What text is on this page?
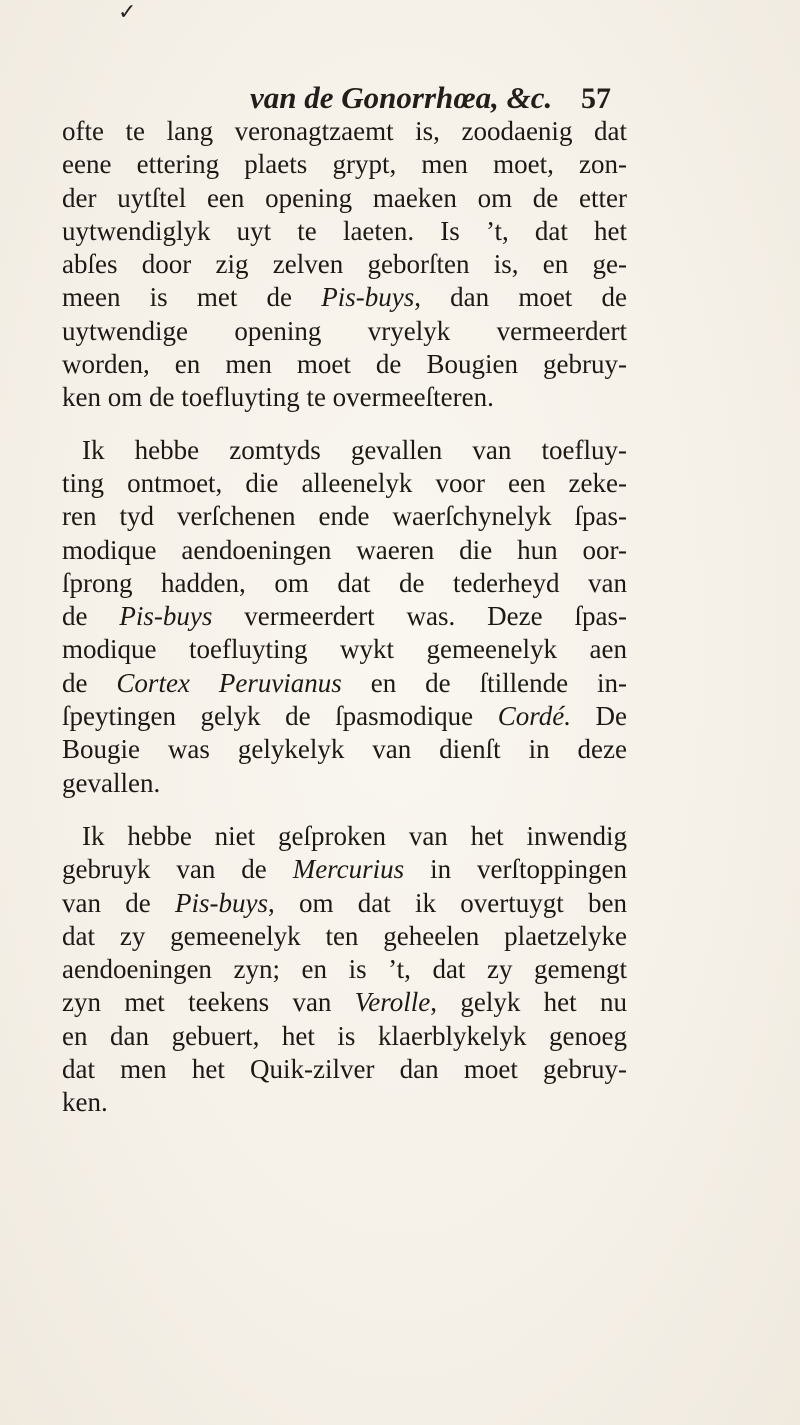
✓
van de Gonorrhœa, &c. 57
ofte te lang veronagtzaemt is, zoodaenig dat
eene ettering plaets grypt, men moet, zon-
der uytſtel een opening maeken om de etter
uytwendiglyk uyt te laeten. Is ’t, dat het
abſes door zig zelven geborſten is, en ge-
meen is met de Pis-buys, dan moet de
uytwendige opening vryelyk vermeerdert
worden, en men moet de Bougien gebruy-
ken om de toefluyting te overmeeſteren.
Ik hebbe zomtyds gevallen van toefluy-
ting ontmoet, die alleenelyk voor een zeke-
ren tyd verſchenen ende waerſchynelyk ſpas-
modique aendoeningen waeren die hun oor-
ſprong hadden, om dat de tederheyd van
de Pis-buys vermeerdert was. Deze ſpas-
modique toefluyting wykt gemeenelyk aen
de Cortex Peruvianus en de ſtillende in-
ſpeytingen gelyk de ſpasmodique Cordé. De
Bougie was gelykelyk van dienſt in deze
gevallen.
Ik hebbe niet geſproken van het inwendig
gebruyk van de Mercurius in verſtoppingen
van de Pis-buys, om dat ik overtuygt ben
dat zy gemeenelyk ten geheelen plaetzelyke
aendoeningen zyn; en is ’t, dat zy gemengt
zyn met teekens van Verolle, gelyk het nu
en dan gebuert, het is klaerblykelyk genoeg
dat men het Quik-zilver dan moet gebruy-
ken.
